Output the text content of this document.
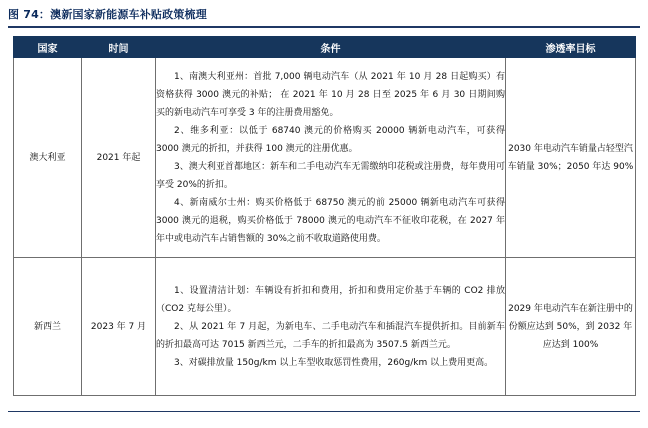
图 74：澳新国家新能源车补贴政策梳理
国家	时间	条件	渗透率目标
澳大利亚	2021 年起	1、南澳大利亚州：首批 7,000 辆电动汽车（从 2021 年 10 月 28 日起购买）有资格获得 3000 澳元的补贴； 在 2021 年 10 月 28 日至 2025 年 6 月 30 日期间购买的新电动汽车可享受 3 年的注册费用豁免。

2、维多利亚：以低于 68740 澳元的价格购买 20000 辆新电动汽车，可获得 3000 澳元的折扣，并获得 100 澳元的注册优惠。

3、澳大利亚首都地区：新车和二手电动汽车无需缴纳印花税或注册费，每年费用可享受 20%的折扣。

4、新南威尔士州：购买价格低于 68750 澳元的前 25000 辆新电动汽车可获得 3000 澳元的退税，购买价格低于 78000 澳元的电动汽车不征收印花税，在 2027 年年中或电动汽车占销售额的 30%之前不收取道路使用费。	2030 年电动汽车销量占轻型汽车销量 30%；2050 年达 90%
新西兰	2023 年 7 月	1、设置清洁计划：车辆设有折扣和费用，折扣和费用定价基于车辆的 CO2 排放 （CO2 克每公里）。

2、从 2021 年 7 月起，为新电车、二手电动汽车和插混汽车提供折扣。目前新车的折扣最高可达 7015 新西兰元，二手车的折扣最高为 3507.5 新西兰元。

3、对碳排放量 150g/km 以上车型收取惩罚性费用，260g/km 以上费用更高。	2029 年电动汽车在新注册中的份额应达到 50%，到 2032 年应达到 100%
